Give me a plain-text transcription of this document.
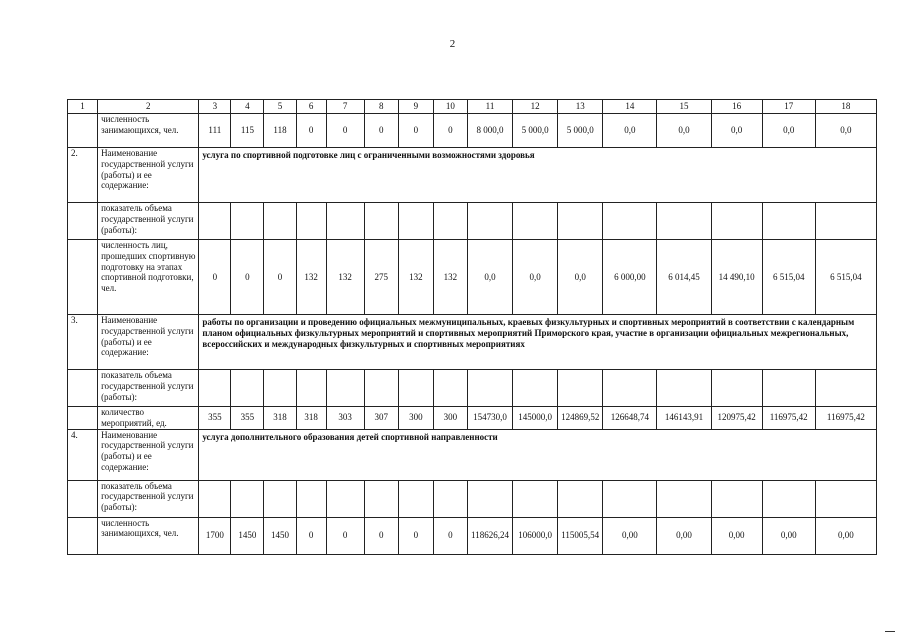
2
1	2	3	4	5	6	7	8	9	10	11	12	13	14	15	16	17	18
	численность занимающихся, чел.	111	115	118	0	0	0	0	0	8 000,0	5 000,0	5 000,0	0,0	0,0	0,0	0,0	0,0
2.	Наименование государственной услуги (работы) и ее содержание:	услуга по спортивной подготовке лиц с ограниченными возможностями здоровья															
	показатель объема государственной услуги (работы):																
	численность лиц, прошедших спортивную подготовку на этапах спортивной подготовки, чел.	0	0	0	132	132	275	132	132	0,0	0,0	0,0	6 000,00	6 014,45	14 490,10	6 515,04	6 515,04
3.	Наименование государственной услуги (работы) и ее содержание:	работы по организации и проведению официальных межмуниципальных, краевых физкультурных и спортивных мероприятий в соответствии с календарным планом официальных физкультурных мероприятий и спортивных мероприятий Приморского края, участие в организации официальных межрегиональных, всероссийских и международных физкультурных и спортивных мероприятиях															
	показатель объема государственной услуги (работы):																
	количество мероприятий, ед.	355	355	318	318	303	307	300	300	154730,0	145000,0	124869,52	126648,74	146143,91	120975,42	116975,42	116975,42
4.	Наименование государственной услуги (работы) и ее содержание:	услуга дополнительного образования детей спортивной направленности															
	показатель объема государственной услуги (работы):																
	численность занимающихся, чел.	1700	1450	1450	0	0	0	0	0	118626,24	106000,0	115005,54	0,00	0,00	0,00	0,00	0,00
